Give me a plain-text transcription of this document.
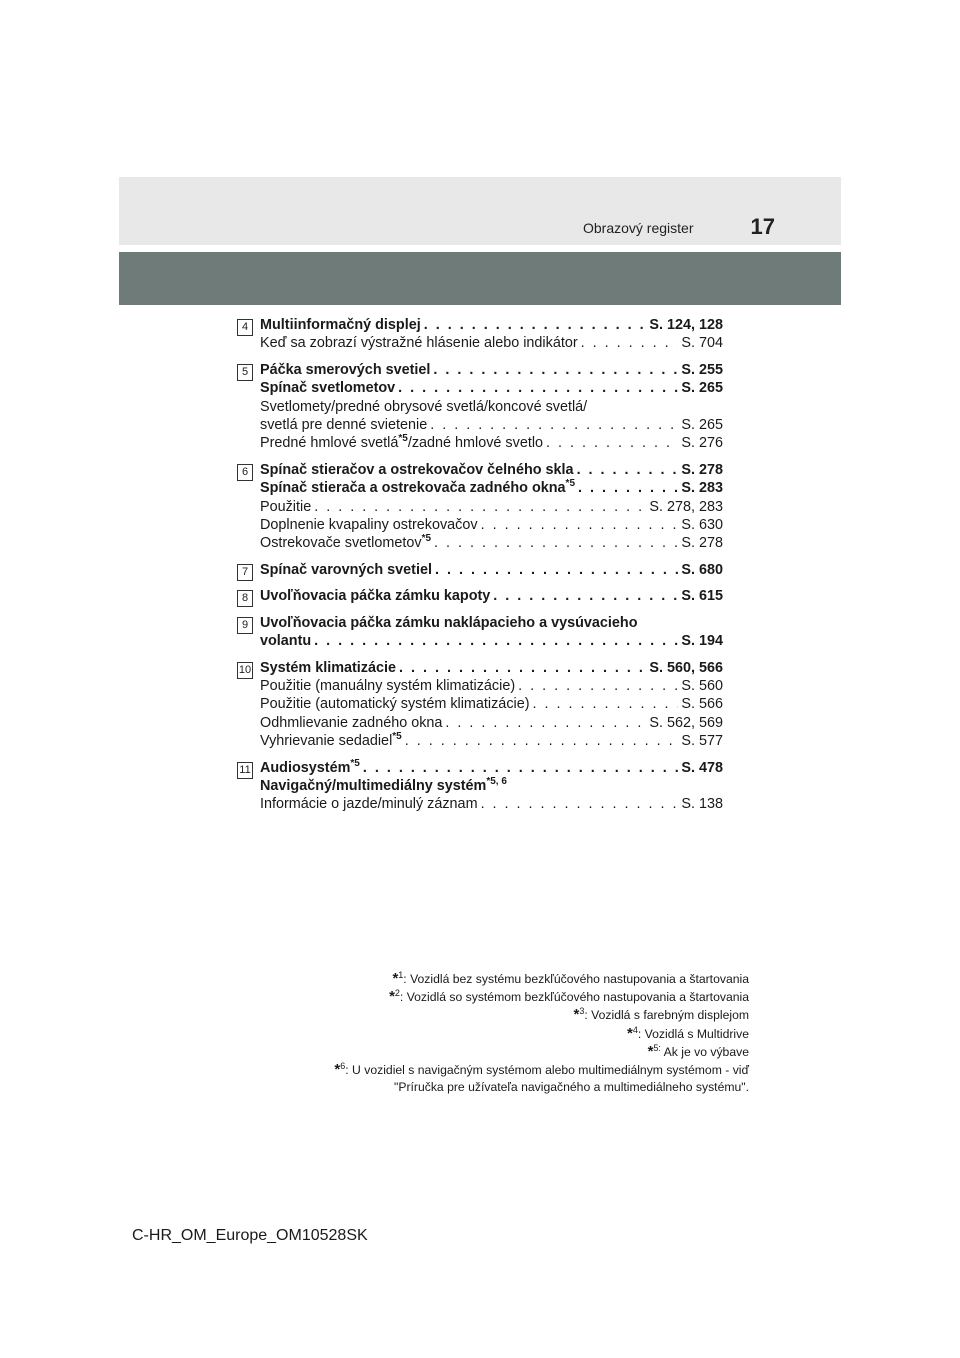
Obrazový register	17
4 Multiinformačný displej . . .	S. 124, 128
Keď sa zobrazí výstražné hlásenie alebo indikátor . . .	S. 704
5 Páčka smerových svetiel . . .	S. 255
Spínač svetlometov . . .	S. 265
Svetlomety/predné obrysové svetlá/koncové svetlá/
svetlá pre denné svietenie . . .	S. 265
Predné hmlové svetlá$^{*5}$/zadné hmlové svetlo . . .	S. 276
6 Spínač stieračov a ostrekovačov čelného skla . . .	S. 278
Spínač stierača a ostrekovača zadného okna$^{*5}$ . . .	S. 283
Použitie . . .	S. 278, 283
Doplnenie kvapaliny ostrekovačov . . .	S. 630
Ostrekovače svetlometov$^{*5}$ . . .	S. 278
7 Spínač varovných svetiel . . .	S. 680
8 Uvoľňovacia páčka zámku kapoty . . .	S. 615
9 Uvoľňovacia páčka zámku naklápacieho a vysúvacieho
volantu . . .	S. 194
10 Systém klimatizácie . . .	S. 560, 566
Použitie (manuálny systém klimatizácie) . . .	S. 560
Použitie (automatický systém klimatizácie) . . .	S. 566
Odhmlievanie zadného okna . . .	S. 562, 569
Vyhrievanie sedadiel$^{*5}$ . . .	S. 577
11 Audiosystém$^{*5}$ . . .	S. 478
Navigačný/multimediálny systém$^{*5, 6}$
Informácie o jazde/minulý záznam . . .	S. 138
*$^1$: Vozidlá bez systému bezkľúčového nastupovania a štartovania
*$^2$: Vozidlá so systémom bezkľúčového nastupovania a štartovania
*$^3$: Vozidlá s farebným displejom
*$^4$: Vozidlá s Multidrive
*$^{5:}$ Ak je vo výbave
*$^6$: U vozidiel s navigačným systémom alebo multimediálnym systémom - viď
"Príručka pre užívateľa navigačného a multimediálneho systému".
C-HR_OM_Europe_OM10528SK
